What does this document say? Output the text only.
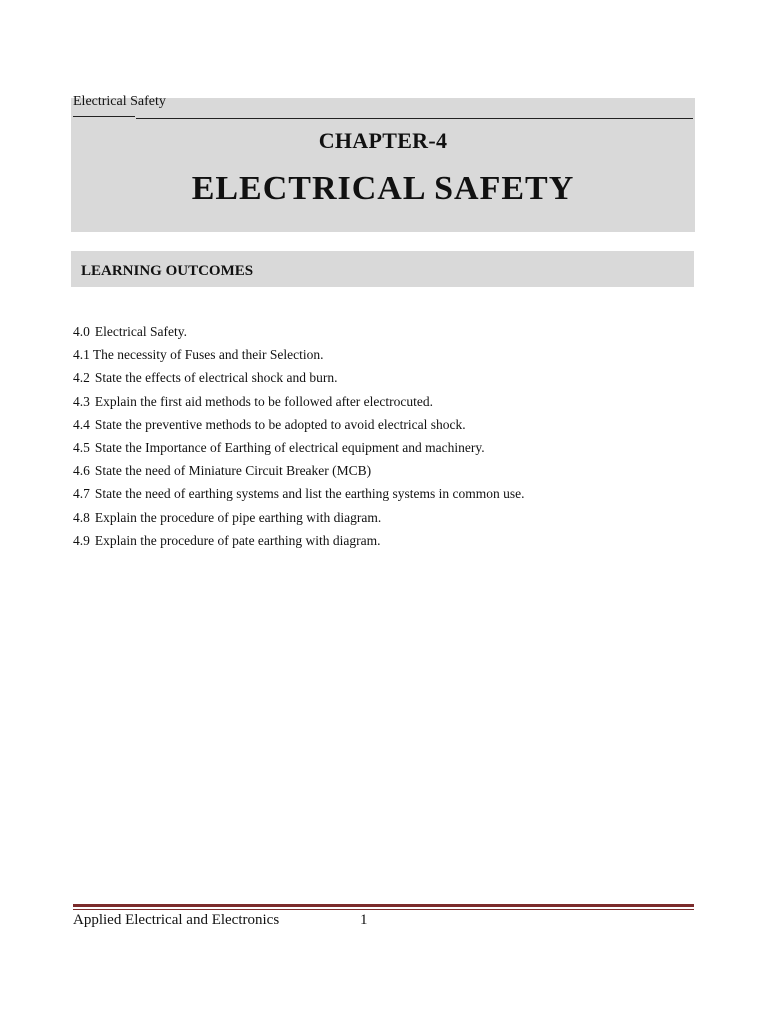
Electrical Safety
CHAPTER-4
ELECTRICAL SAFETY
LEARNING OUTCOMES
4.0 Electrical Safety.
4.1 The necessity of Fuses and their Selection.
4.2 State the effects of electrical shock and burn.
4.3 Explain the first aid methods to be followed after electrocuted.
4.4 State the preventive methods to be adopted to avoid electrical shock.
4.5 State the Importance of Earthing of electrical equipment and machinery.
4.6 State the need of Miniature Circuit Breaker (MCB)
4.7 State the need of earthing systems and list the earthing systems in common use.
4.8 Explain the procedure of pipe earthing with diagram.
4.9 Explain the procedure of pate earthing with diagram.
Applied Electrical and Electronics	1
